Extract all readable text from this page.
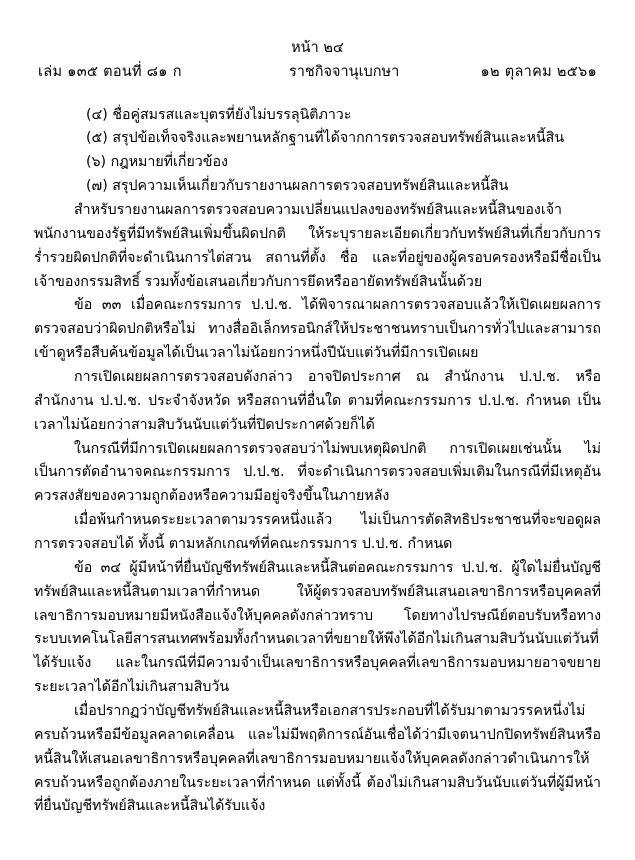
หน้า ๒๔
เล่ม ๑๓๕ ตอนที่ ๘๑ ก	ราชกิจจานุเบกษา	๑๒ ตุลาคม ๒๕๖๑

(๔) ชื่อคู่สมรสและบุตรที่ยังไม่บรรลุนิติภาวะ

(๕) สรุปข้อเท็จจริงและพยานหลักฐานที่ได้จากการตรวจสอบทรัพย์สินและหนี้สิน

(๖) กฎหมายที่เกี่ยวข้อง

(๗) สรุปความเห็นเกี่ยวกับรายงานผลการตรวจสอบทรัพย์สินและหนี้สิน

สำหรับรายงานผลการตรวจสอบความเปลี่ยนแปลงของทรัพย์สินและหนี้สินของเจ้าพนักงานของรัฐที่มีทรัพย์สินเพิ่มขึ้นผิดปกติ ให้ระบุรายละเอียดเกี่ยวกับทรัพย์สินที่เกี่ยวกับการร่ำรวยผิดปกติที่จะดำเนินการไต่สวน สถานที่ตั้ง ชื่อ และที่อยู่ของผู้ครอบครองหรือมีชื่อเป็นเจ้าของกรรมสิทธิ์ รวมทั้งข้อเสนอเกี่ยวกับการยึดหรืออายัดทรัพย์สินนั้นด้วย

ข้อ ๓๓ เมื่อคณะกรรมการ ป.ป.ช. ได้พิจารณาผลการตรวจสอบแล้วให้เปิดเผยผลการตรวจสอบว่าผิดปกติหรือไม่ ทางสื่ออิเล็กทรอนิกส์ให้ประชาชนทราบเป็นการทั่วไปและสามารถเข้าดูหรือสืบค้นข้อมูลได้เป็นเวลาไม่น้อยกว่าหนึ่งปีนับแต่วันที่มีการเปิดเผย

การเปิดเผยผลการตรวจสอบดังกล่าว อาจปิดประกาศ ณ สำนักงาน ป.ป.ช. หรือสำนักงาน ป.ป.ช. ประจำจังหวัด หรือสถานที่อื่นใด ตามที่คณะกรรมการ ป.ป.ช. กำหนด เป็นเวลาไม่น้อยกว่าสามสิบวันนับแต่วันที่ปิดประกาศด้วยก็ได้

ในกรณีที่มีการเปิดเผยผลการตรวจสอบว่าไม่พบเหตุผิดปกติ การเปิดเผยเช่นนั้น ไม่เป็นการตัดอำนาจคณะกรรมการ ป.ป.ช. ที่จะดำเนินการตรวจสอบเพิ่มเติมในกรณีที่มีเหตุอันควรสงสัยของความถูกต้องหรือความมีอยู่จริงขึ้นในภายหลัง

เมื่อพ้นกำหนดระยะเวลาตามวรรคหนึ่งแล้ว ไม่เป็นการตัดสิทธิประชาชนที่จะขอดูผลการตรวจสอบได้ ทั้งนี้ ตามหลักเกณฑ์ที่คณะกรรมการ ป.ป.ช. กำหนด

ข้อ ๓๔ ผู้มีหน้าที่ยื่นบัญชีทรัพย์สินและหนี้สินต่อคณะกรรมการ ป.ป.ช. ผู้ใดไม่ยื่นบัญชีทรัพย์สินและหนี้สินตามเวลาที่กำหนด ให้ผู้ตรวจสอบทรัพย์สินเสนอเลขาธิการหรือบุคคลที่เลขาธิการมอบหมายมีหนังสือแจ้งให้บุคคลดังกล่าวทราบ โดยทางไปรษณีย์ตอบรับหรือทางระบบเทคโนโลยีสารสนเทศพร้อมทั้งกำหนดเวลาที่ขยายให้พึงได้อีกไม่เกินสามสิบวันนับแต่วันที่ได้รับแจ้ง และในกรณีที่มีความจำเป็นเลขาธิการหรือบุคคลที่เลขาธิการมอบหมายอาจขยายระยะเวลาได้อีกไม่เกินสามสิบวัน

เมื่อปรากฏว่าบัญชีทรัพย์สินและหนี้สินหรือเอกสารประกอบที่ได้รับมาตามวรรคหนึ่งไม่ครบถ้วนหรือมีข้อมูลคลาดเคลื่อน และไม่มีพฤติการณ์อันเชื่อได้ว่ามีเจตนาปกปิดทรัพย์สินหรือหนี้สินให้เสนอเลขาธิการหรือบุคคลที่เลขาธิการมอบหมายแจ้งให้บุคคลดังกล่าวดำเนินการให้ครบถ้วนหรือถูกต้องภายในระยะเวลาที่กำหนด แต่ทั้งนี้ ต้องไม่เกินสามสิบวันนับแต่วันที่ผู้มีหน้าที่ยื่นบัญชีทรัพย์สินและหนี้สินได้รับแจ้ง
